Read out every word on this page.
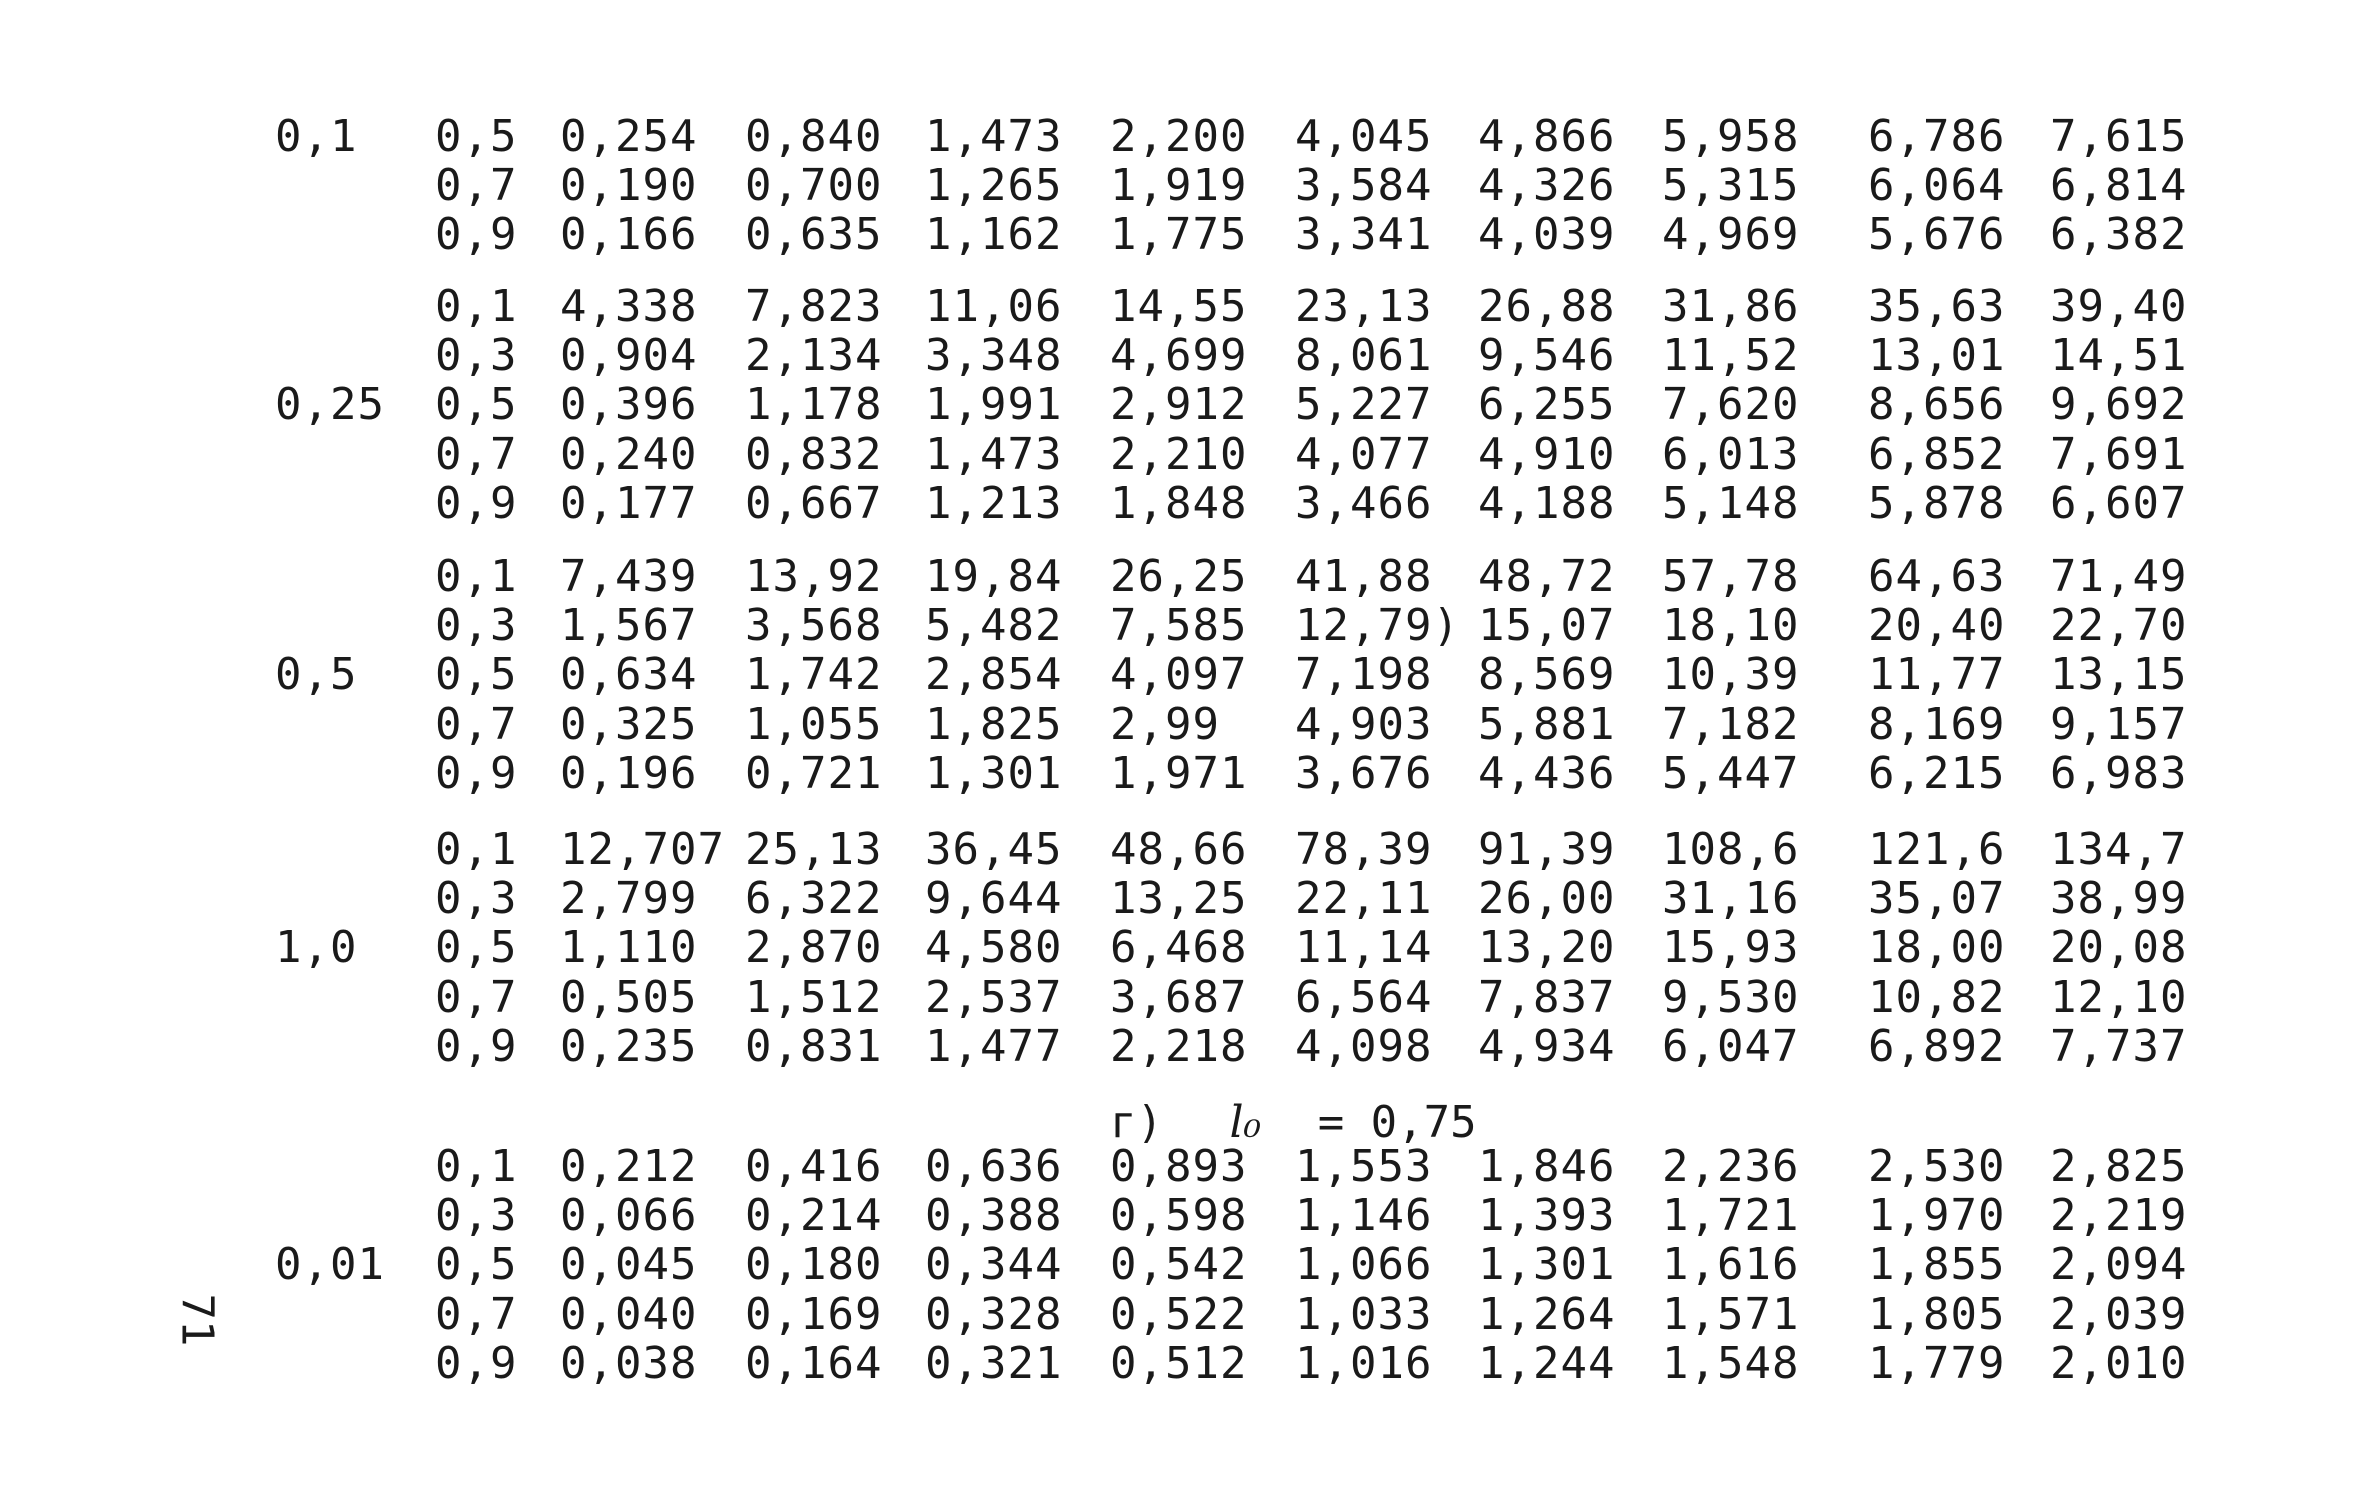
71
г) l₀ = 0,75
0,1 0,5 0,254 0,840 1,473 2,200 4,045 4,866 5,958 6,786 7,615
0,7 0,190 0,700 1,265 1,919 3,584 4,326 5,315 6,064 6,814
0,9 0,166 0,635 1,162 1,775 3,341 4,039 4,969 5,676 6,382
0,25
0,1 4,338 7,823 11,06 14,55 23,13 26,88 31,86 35,63 39,40
0,3 0,904 2,134 3,348 4,699 8,061 9,546 11,52 13,01 14,51
0,5 0,396 1,178 1,991 2,912 5,227 6,255 7,620 8,656 9,692
0,7 0,240 0,832 1,473 2,210 4,077 4,910 6,013 6,852 7,691
0,9 0,177 0,667 1,213 1,848 3,466 4,188 5,148 5,878 6,607
0,5
0,1 7,439 13,92 19,84 26,25 41,88 48,72 57,78 64,63 71,49
0,3 1,567 3,568 5,482 7,585 12,79) 15,07 18,10 20,40 22,70
0,5 0,634 1,742 2,854 4,097 7,198 8,569 10,39 11,77 13,15
0,7 0,325 1,055 1,825 2,99 4,903 5,881 7,182 8,169 9,157
0,9 0,196 0,721 1,301 1,971 3,676 4,436 5,447 6,215 6,983
1,0
0,1 12,707 25,13 36,45 48,66 78,39 91,39 108,6 121,6 134,7
0,3 2,799 6,322 9,644 13,25 22,11 26,00 31,16 35,07 38,99
0,5 1,110 2,870 4,580 6,468 11,14 13,20 15,93 18,00 20,08
0,7 0,505 1,512 2,537 3,687 6,564 7,837 9,530 10,82 12,10
0,9 0,235 0,831 1,477 2,218 4,098 4,934 6,047 6,892 7,737
0,01
0,1 0,212 0,416 0,636 0,893 1,553 1,846 2,236 2,530 2,825
0,3 0,066 0,214 0,388 0,598 1,146 1,393 1,721 1,970 2,219
0,5 0,045 0,180 0,344 0,542 1,066 1,301 1,616 1,855 2,094
0,7 0,040 0,169 0,328 0,522 1,033 1,264 1,571 1,805 2,039
0,9 0,038 0,164 0,321 0,512 1,016 1,244 1,548 1,779 2,010
